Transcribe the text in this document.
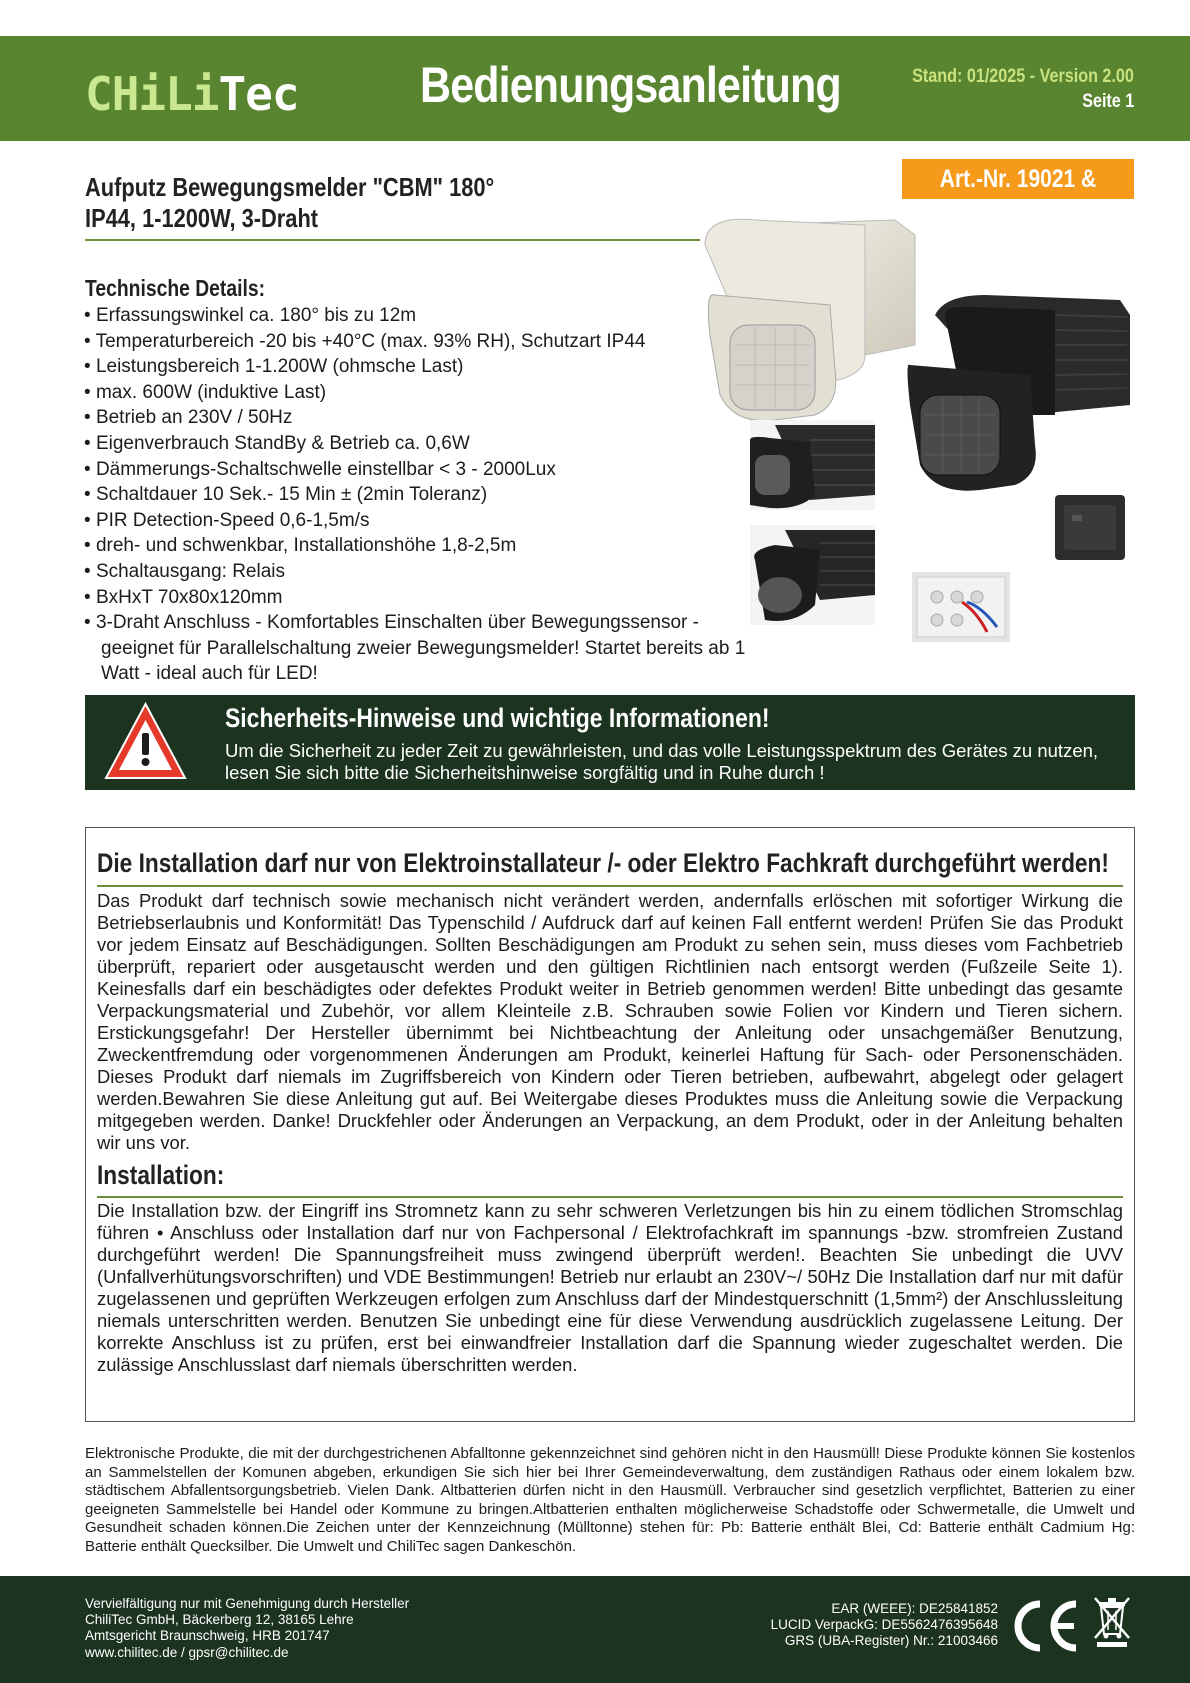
CHiLiTec Bedienungsanleitung	Stand: 01/2025 - Version 2.00
Seite 1
Aufputz Bewegungsmelder "CBM" 180°
IP44, 1-1200W, 3-Draht
Art.-Nr. 19021 & 18145
Technische Details:
• Erfassungswinkel ca. 180° bis zu 12m
• Temperaturbereich -20 bis +40°C (max. 93% RH), Schutzart IP44
• Leistungsbereich 1-1.200W (ohmsche Last)
• max. 600W (induktive Last)
• Betrieb an 230V / 50Hz
• Eigenverbrauch StandBy & Betrieb ca. 0,6W
• Dämmerungs-Schaltschwelle einstellbar < 3 - 2000Lux
• Schaltdauer 10 Sek.- 15 Min ± (2min Toleranz)
• PIR Detection-Speed 0,6-1,5m/s
• dreh- und schwenkbar, Installationshöhe 1,8-2,5m
• Schaltausgang: Relais
• BxHxT 70x80x120mm
• 3-Draht Anschluss - Komfortables Einschalten über Bewegungssensor - geeignet für Parallelschaltung zweier Bewegungsmelder! Startet bereits ab 1 Watt - ideal auch für LED!
Sicherheits-Hinweise und wichtige Informationen!
Um die Sicherheit zu jeder Zeit zu gewährleisten, und das volle Leistungsspektrum des Gerätes zu nutzen, lesen Sie sich bitte die Sicherheitshinweise sorgfältig und in Ruhe durch !
Die Installation darf nur von Elektroinstallateur /- oder Elektro Fachkraft durchgeführt werden!
Das Produkt darf technisch sowie mechanisch nicht verändert werden, andernfalls erlöschen mit sofortiger Wirkung die Betriebserlaubnis und Konformität! Das Typenschild / Aufdruck darf auf keinen Fall entfernt werden! Prüfen Sie das Produkt vor jedem Einsatz auf Beschädigungen. Sollten Beschädigungen am Produkt zu sehen sein, muss dieses vom Fachbetrieb überprüft, repariert oder ausgetauscht werden und den gültigen Richtlinien nach entsorgt werden (Fußzeile Seite 1). Keinesfalls darf ein beschädigtes oder defektes Produkt weiter in Betrieb genommen werden! Bitte unbedingt das gesamte Verpackungsmaterial und Zubehör, vor allem Kleinteile z.B. Schrauben sowie Folien vor Kindern und Tieren sichern. Erstickungsgefahr! Der Hersteller übernimmt bei Nichtbeachtung der Anleitung oder unsachgemäßer Benutzung, Zweckentfremdung oder vorgenommenen Änderungen am Produkt, keinerlei Haftung für Sach- oder Personenschäden. Dieses Produkt darf niemals im Zugriffsbereich von Kindern oder Tieren betrieben, aufbewahrt, abgelegt oder gelagert werden.Bewahren Sie diese Anleitung gut auf. Bei Weitergabe dieses Produktes muss die Anleitung sowie die Verpackung mitgegeben werden. Danke! Druckfehler oder Änderungen an Verpackung, an dem Produkt, oder in der Anleitung behalten wir uns vor.
Installation:
Die Installation bzw. der Eingriff ins Stromnetz kann zu sehr schweren Verletzungen bis hin zu einem tödlichen Stromschlag führen • Anschluss oder Installation darf nur von Fachpersonal / Elektrofachkraft im spannungs -bzw. stromfreien Zustand durchgeführt werden! Die Spannungsfreiheit muss zwingend überprüft werden!. Beachten Sie unbedingt die UVV (Unfallverhütungsvorschriften) und VDE Bestimmungen! Betrieb nur erlaubt an 230V~/ 50Hz Die Installation darf nur mit dafür zugelassenen und geprüften Werkzeugen erfolgen zum Anschluss darf der Mindestquerschnitt (1,5mm²) der Anschlussleitung niemals unterschritten werden. Benutzen Sie unbedingt eine für diese Verwendung ausdrücklich zugelassene Leitung. Der korrekte Anschluss ist zu prüfen, erst bei einwandfreier Installation darf die Spannung wieder zugeschaltet werden. Die zulässige Anschlusslast darf niemals überschritten werden.
Elektronische Produkte, die mit der durchgestrichenen Abfalltonne gekennzeichnet sind gehören nicht in den Hausmüll! Diese Produkte können Sie kostenlos an Sammelstellen der Komunen abgeben, erkundigen Sie sich hier bei Ihrer Gemeindeverwaltung, dem zuständigen Rathaus oder einem lokalem bzw. städtischem Abfallentsorgungsbetrieb. Vielen Dank. Altbatterien dürfen nicht in den Hausmüll. Verbraucher sind gesetzlich verpflichtet, Batterien zu einer geeigneten Sammelstelle bei Handel oder Kommune zu bringen.Altbatterien enthalten möglicherweise Schadstoffe oder Schwermetalle, die Umwelt und Gesundheit schaden können.Die Zeichen unter der Kennzeichnung (Mülltonne) stehen für: Pb: Batterie enthält Blei, Cd: Batterie enthält Cadmium Hg: Batterie enthält Quecksilber. Die Umwelt und ChiliTec sagen Dankeschön.
Vervielfältigung nur mit Genehmigung durch Hersteller
ChiliTec GmbH, Bäckerberg 12, 38165 Lehre
Amtsgericht Braunschweig, HRB 201747
www.chilitec.de / gpsr@chilitec.de
EAR (WEEE): DE25841852
LUCID VerpackG: DE5562476395648
GRS (UBA-Register) Nr.: 21003466
